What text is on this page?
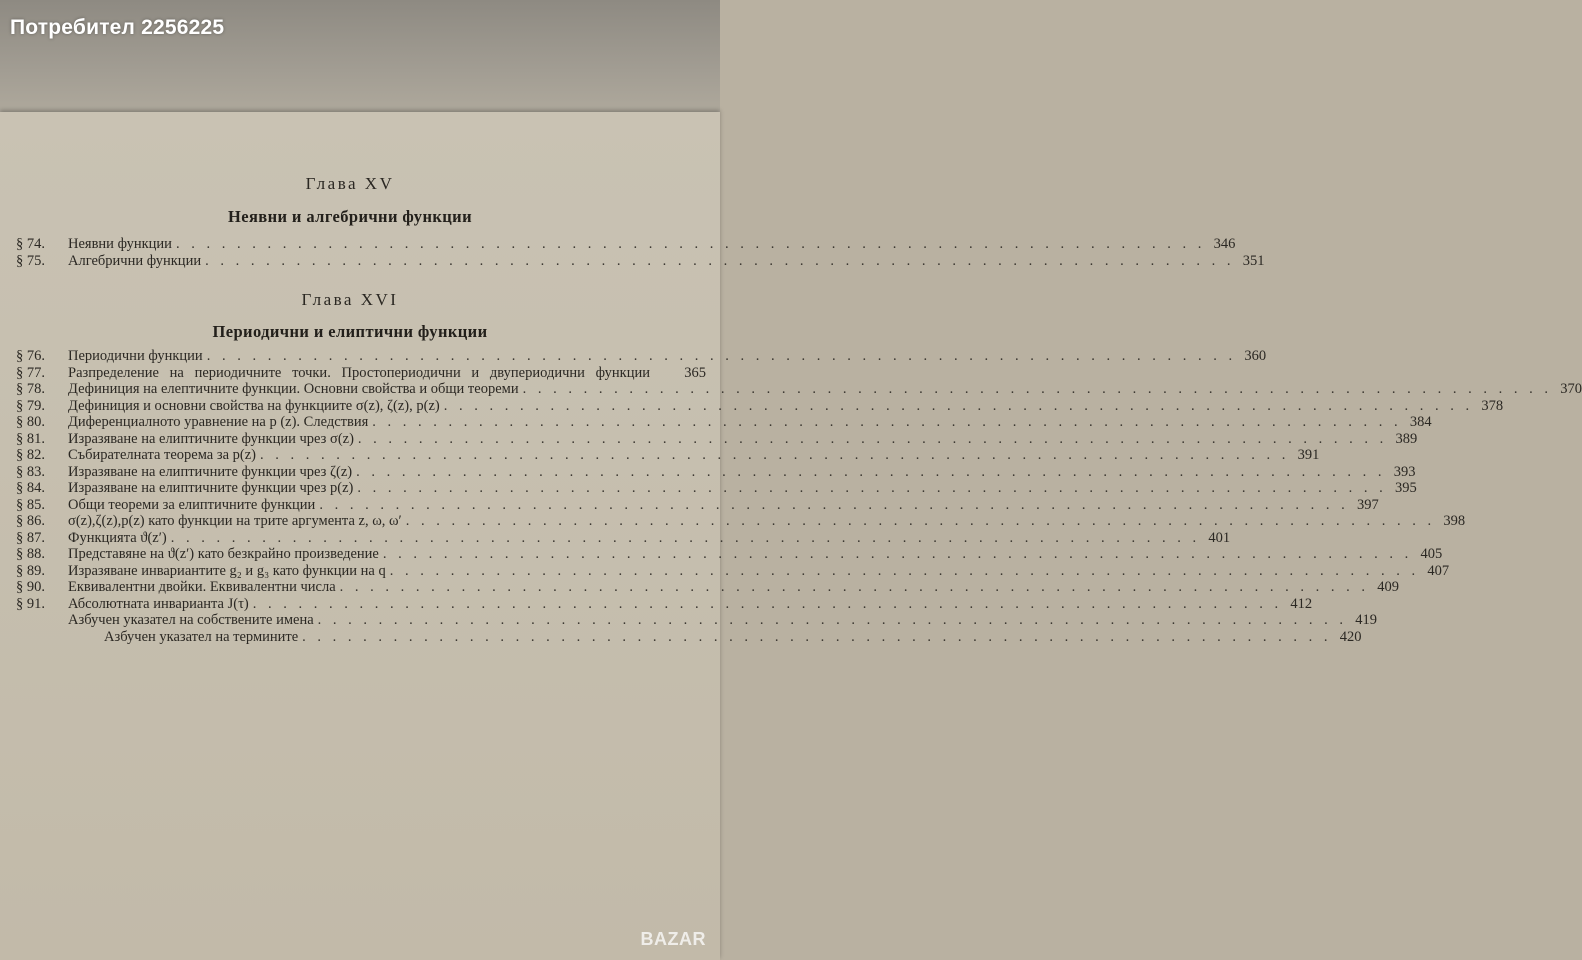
Потребител 2256225
Глава XV
Неявни и алгебрични функции
§ 74.	Неявни функции . . . . . . . . . . . . . . . . . . . . . . . . . . . . . . . . . . . . . . . . . . . . . . . . . . . . . . . . . . . . . . . . . . . . 346
§ 75.	Алгебрични функции . . . . . . . . . . . . . . . . . . . . . . . . . . . . . . . . . . . . . . . . . . . . . . . . . . . . . . . . . . . . . . . . . . . . 351
Глава XVI
Периодични и елиптични функции
§ 76.	Периодични функции . . . . . . . . . . . . . . . . . . . . . . . . . . . . . . . . . . . . . . . . . . . . . . . . . . . . . . . . . . . . . . . . . . . . 360
§ 77.	Разпределение на периодичните точки. Простопериодични и двупериодични функции	365
§ 78.	Дефиниция на елептичните функции. Основни свойства и общи теореми . . . . . . . . . . . . . . . . . . . . . . . . . . . . . . . . . . . . . . . . . . . . . . . . . . . . . . . . . . . . . . . . . . . . 370
§ 79.	Дефиниция и основни свойства на функциите σ(z), ζ(z), p(z) . . . . . . . . . . . . . . . . . . . . . . . . . . . . . . . . . . . . . . . . . . . . . . . . . . . . . . . . . . . . . . . . . . . . 378
§ 80.	Диференциалното уравнение на p (z). Следствия . . . . . . . . . . . . . . . . . . . . . . . . . . . . . . . . . . . . . . . . . . . . . . . . . . . . . . . . . . . . . . . . . . . . 384
§ 81.	Изразяване на елиптичните функции чрез σ(z) . . . . . . . . . . . . . . . . . . . . . . . . . . . . . . . . . . . . . . . . . . . . . . . . . . . . . . . . . . . . . . . . . . . . 389
§ 82.	Събирателната теорема за p(z) . . . . . . . . . . . . . . . . . . . . . . . . . . . . . . . . . . . . . . . . . . . . . . . . . . . . . . . . . . . . . . . . . . . . 391
§ 83.	Изразяване на елиптичните функции чрез ζ(z) . . . . . . . . . . . . . . . . . . . . . . . . . . . . . . . . . . . . . . . . . . . . . . . . . . . . . . . . . . . . . . . . . . . . 393
§ 84.	Изразяване на елиптичните функции чрез p(z) . . . . . . . . . . . . . . . . . . . . . . . . . . . . . . . . . . . . . . . . . . . . . . . . . . . . . . . . . . . . . . . . . . . . 395
§ 85.	Общи теореми за елиптичните функции . . . . . . . . . . . . . . . . . . . . . . . . . . . . . . . . . . . . . . . . . . . . . . . . . . . . . . . . . . . . . . . . . . . . 397
§ 86.	σ(z),ζ(z),p(z) като функции на трите аргумента z, ω, ω′ . . . . . . . . . . . . . . . . . . . . . . . . . . . . . . . . . . . . . . . . . . . . . . . . . . . . . . . . . . . . . . . . . . . . 398
§ 87.	Функцията ϑ(z′) . . . . . . . . . . . . . . . . . . . . . . . . . . . . . . . . . . . . . . . . . . . . . . . . . . . . . . . . . . . . . . . . . . . . 401
§ 88.	Представяне на ϑ(z′) като безкрайно произведение . . . . . . . . . . . . . . . . . . . . . . . . . . . . . . . . . . . . . . . . . . . . . . . . . . . . . . . . . . . . . . . . . . . . 405
§ 89.	Изразяване инвариантите g₂ и g₃ като функции на q . . . . . . . . . . . . . . . . . . . . . . . . . . . . . . . . . . . . . . . . . . . . . . . . . . . . . . . . . . . . . . . . . . . . 407
§ 90.	Еквивалентни двойки. Еквивалентни числа . . . . . . . . . . . . . . . . . . . . . . . . . . . . . . . . . . . . . . . . . . . . . . . . . . . . . . . . . . . . . . . . . . . . 409
§ 91.	Абсолютната инварианта J(τ) . . . . . . . . . . . . . . . . . . . . . . . . . . . . . . . . . . . . . . . . . . . . . . . . . . . . . . . . . . . . . . . . . . . . 412
Азбучен указател на собствените имена . . . . . . . . . . . . . . . . . . . . . . . . . . . . . . . . . . . . . . . . . . . . . . . . . . . . . . . . . . . . . . . . . . . . 419
Азбучен указател на термините . . . . . . . . . . . . . . . . . . . . . . . . . . . . . . . . . . . . . . . . . . . . . . . . . . . . . . . . . . . . . . . . . . . . 420
BAZAR
